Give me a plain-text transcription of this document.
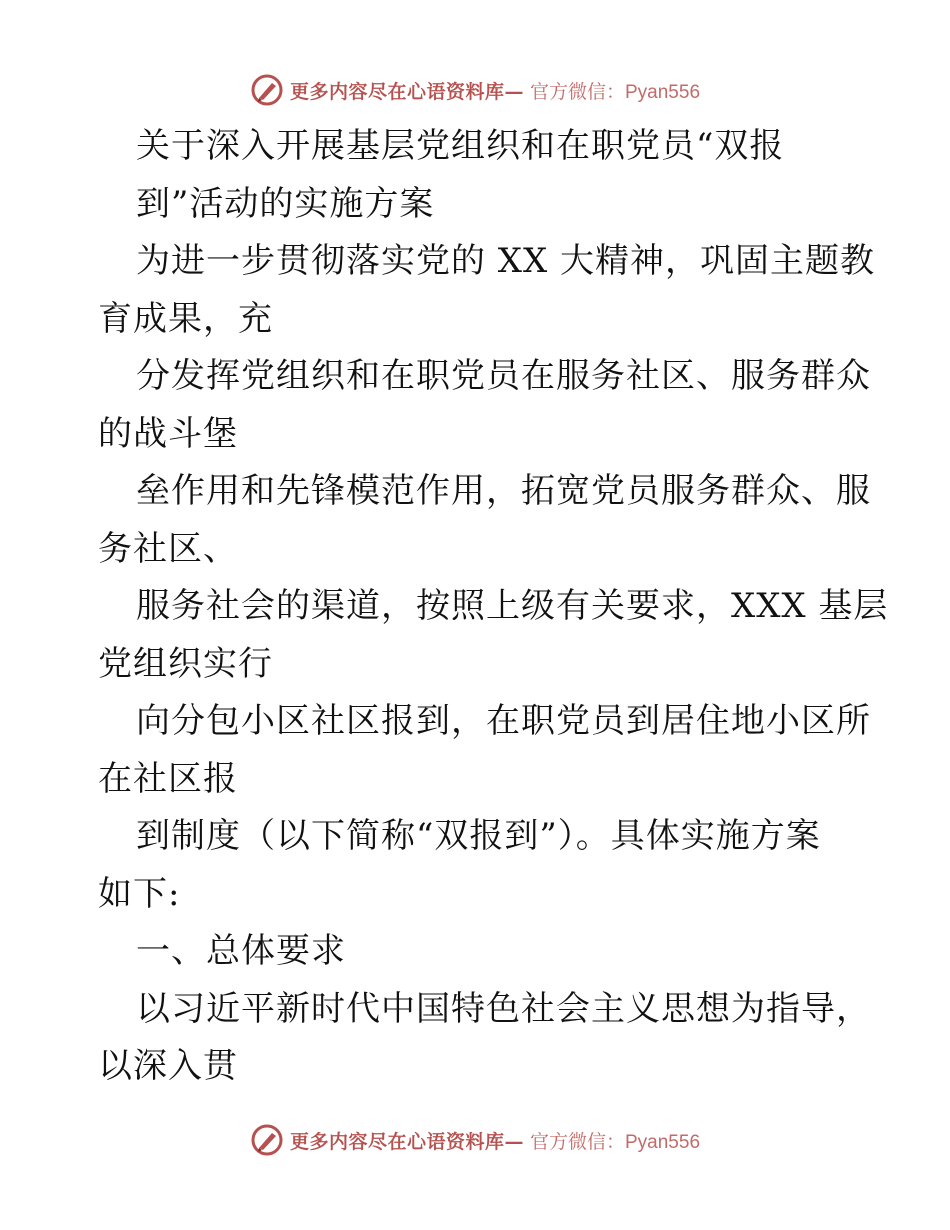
更多内容尽在心语资料库— 官方微信：Pyan556
关于深入开展基层党组织和在职党员“双报
到”活动的实施方案
为进一步贯彻落实党的 XX 大精神，巩固主题教
育成果，充
分发挥党组织和在职党员在服务社区、服务群众
的战斗堡
垒作用和先锋模范作用，拓宽党员服务群众、服
务社区、
服务社会的渠道，按照上级有关要求，XXX 基层
党组织实行
向分包小区社区报到，在职党员到居住地小区所
在社区报
到制度（以下简称“双报到”）。具体实施方案
如下:
一、总体要求
以习近平新时代中国特色社会主义思想为指导，
以深入贯
更多内容尽在心语资料库— 官方微信：Pyan556
